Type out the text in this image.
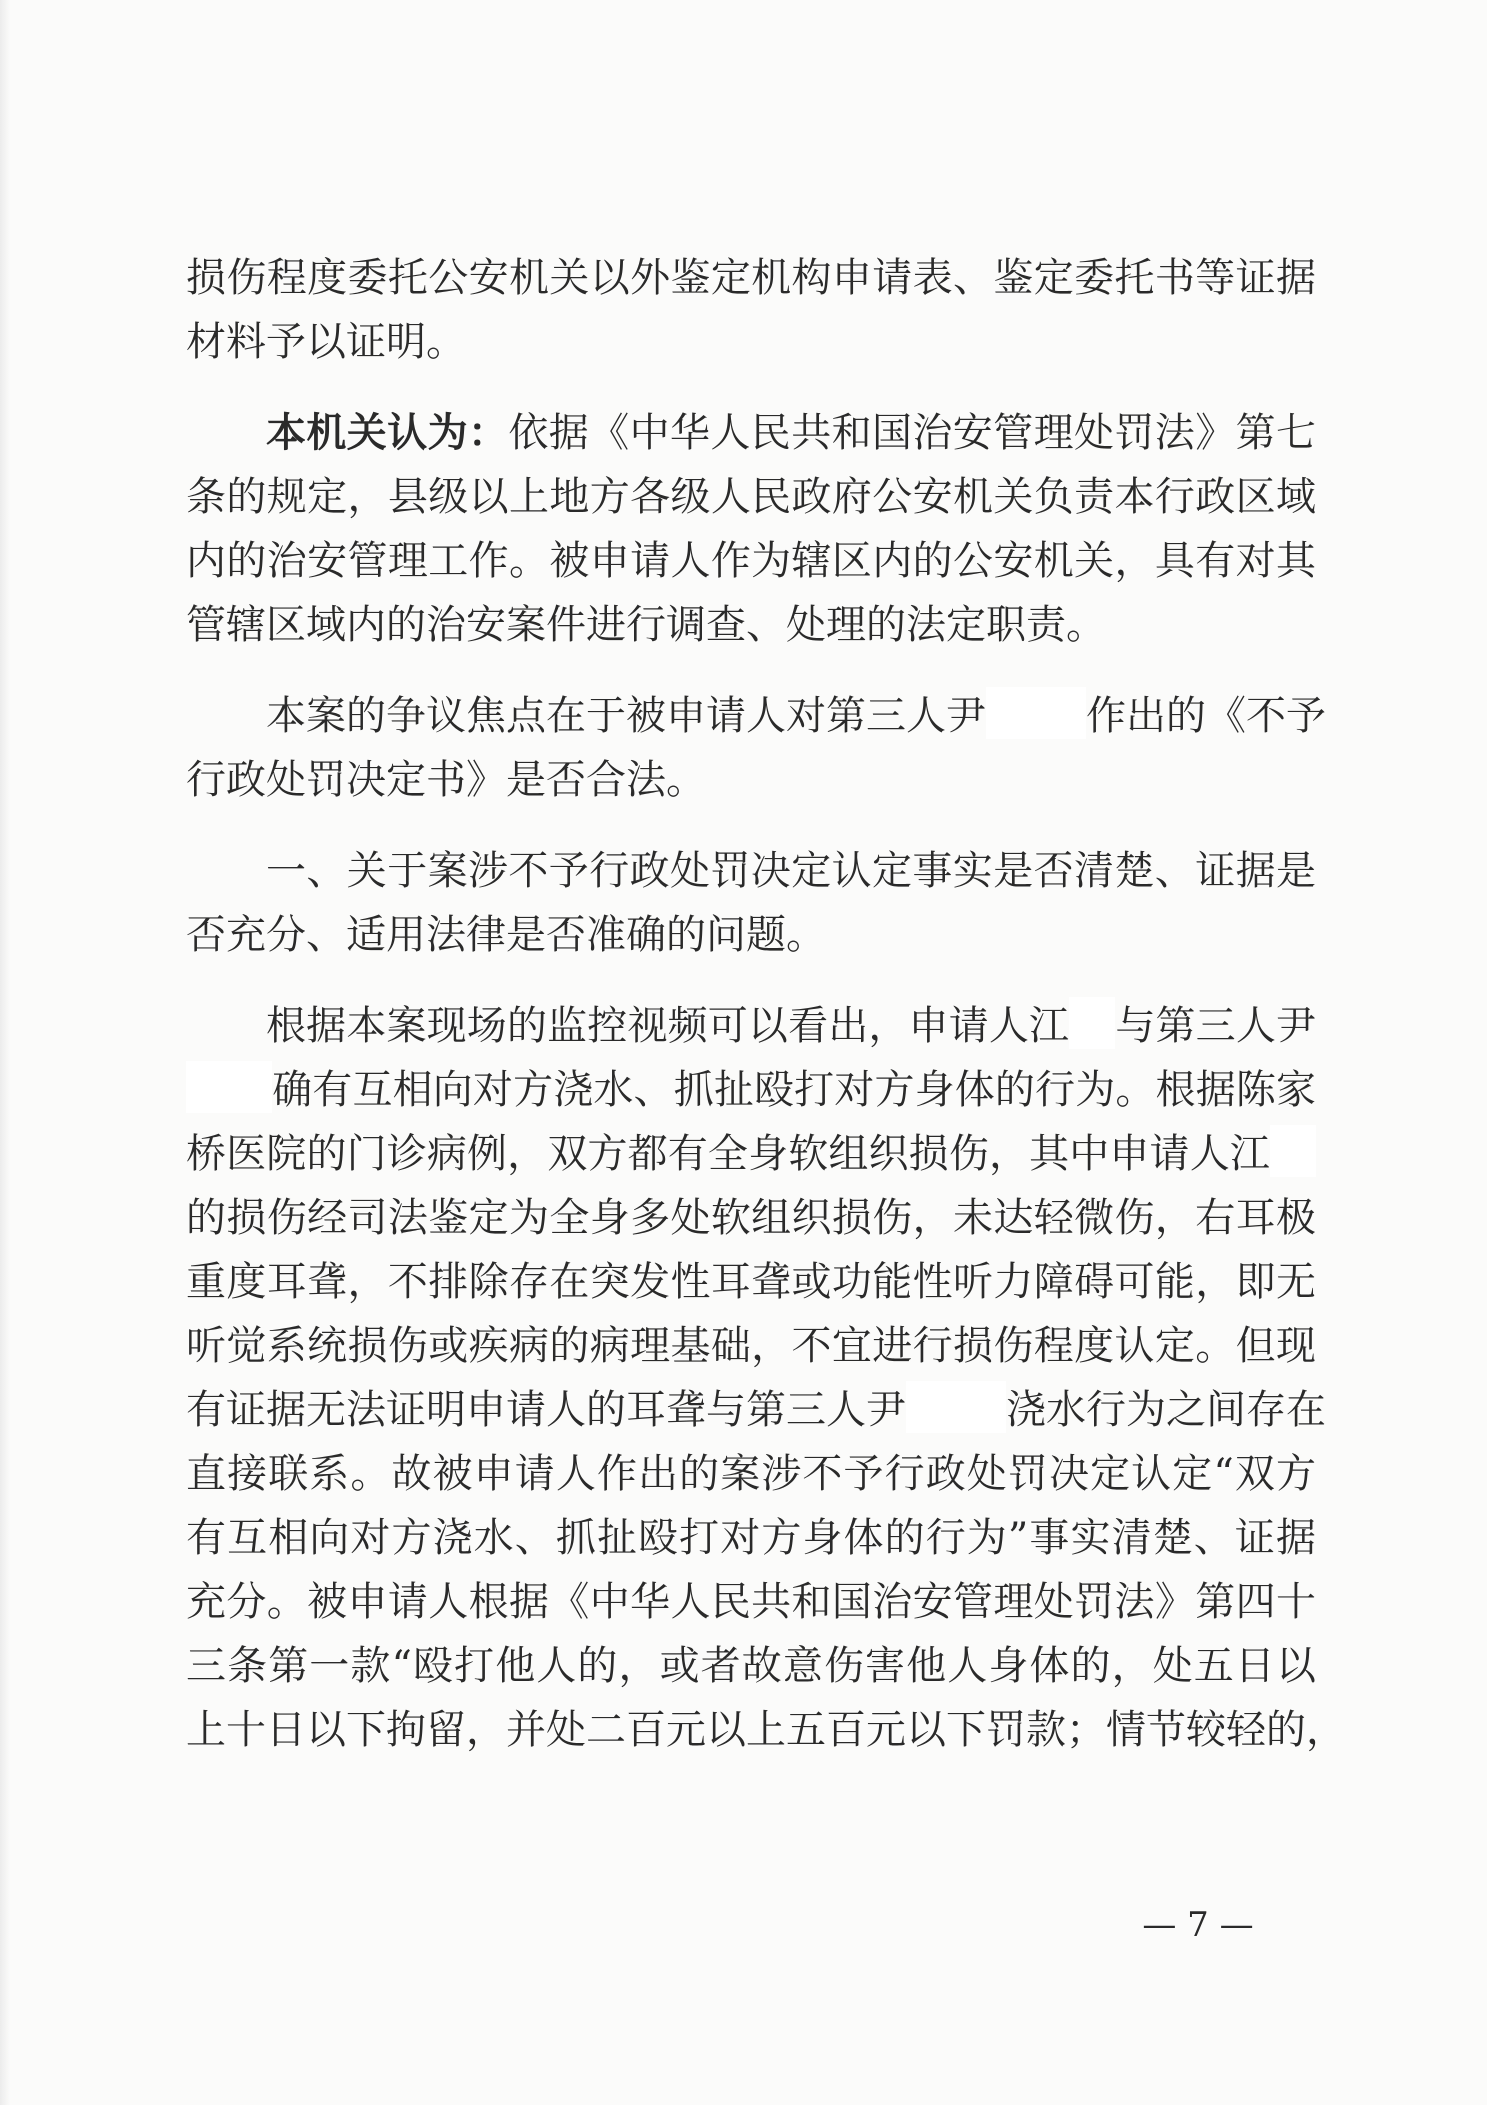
损伤程度委托公安机关以外鉴定机构申请表、鉴定委托书等证据
材料予以证明。
本机关认为：依据《中华人民共和国治安管理处罚法》第七
条的规定，县级以上地方各级人民政府公安机关负责本行政区域
内的治安管理工作。被申请人作为辖区内的公安机关，具有对其
管辖区域内的治安案件进行调查、处理的法定职责。
本案的争议焦点在于被申请人对第三人尹	作出的《不予
行政处罚决定书》是否合法。
一、关于案涉不予行政处罚决定认定事实是否清楚、证据是
否充分、适用法律是否准确的问题。
根据本案现场的监控视频可以看出，申请人江 与第三人尹
确有互相向对方浇水、抓扯殴打对方身体的行为。根据陈家
桥医院的门诊病例，双方都有全身软组织损伤，其中申请人江
的损伤经司法鉴定为全身多处软组织损伤，未达轻微伤，右耳极
重度耳聋，不排除存在突发性耳聋或功能性听力障碍可能，即无
听觉系统损伤或疾病的病理基础，不宜进行损伤程度认定。但现
有证据无法证明申请人的耳聋与第三人尹	浇水行为之间存在
直接联系。故被申请人作出的案涉不予行政处罚决定认定“双方
有互相向对方浇水、抓扯殴打对方身体的行为”事实清楚、证据
充分。被申请人根据《中华人民共和国治安管理处罚法》第四十
三条第一款“殴打他人的，或者故意伤害他人身体的，处五日以
上十日以下拘留，并处二百元以上五百元以下罚款；情节较轻的，
— 7 —
